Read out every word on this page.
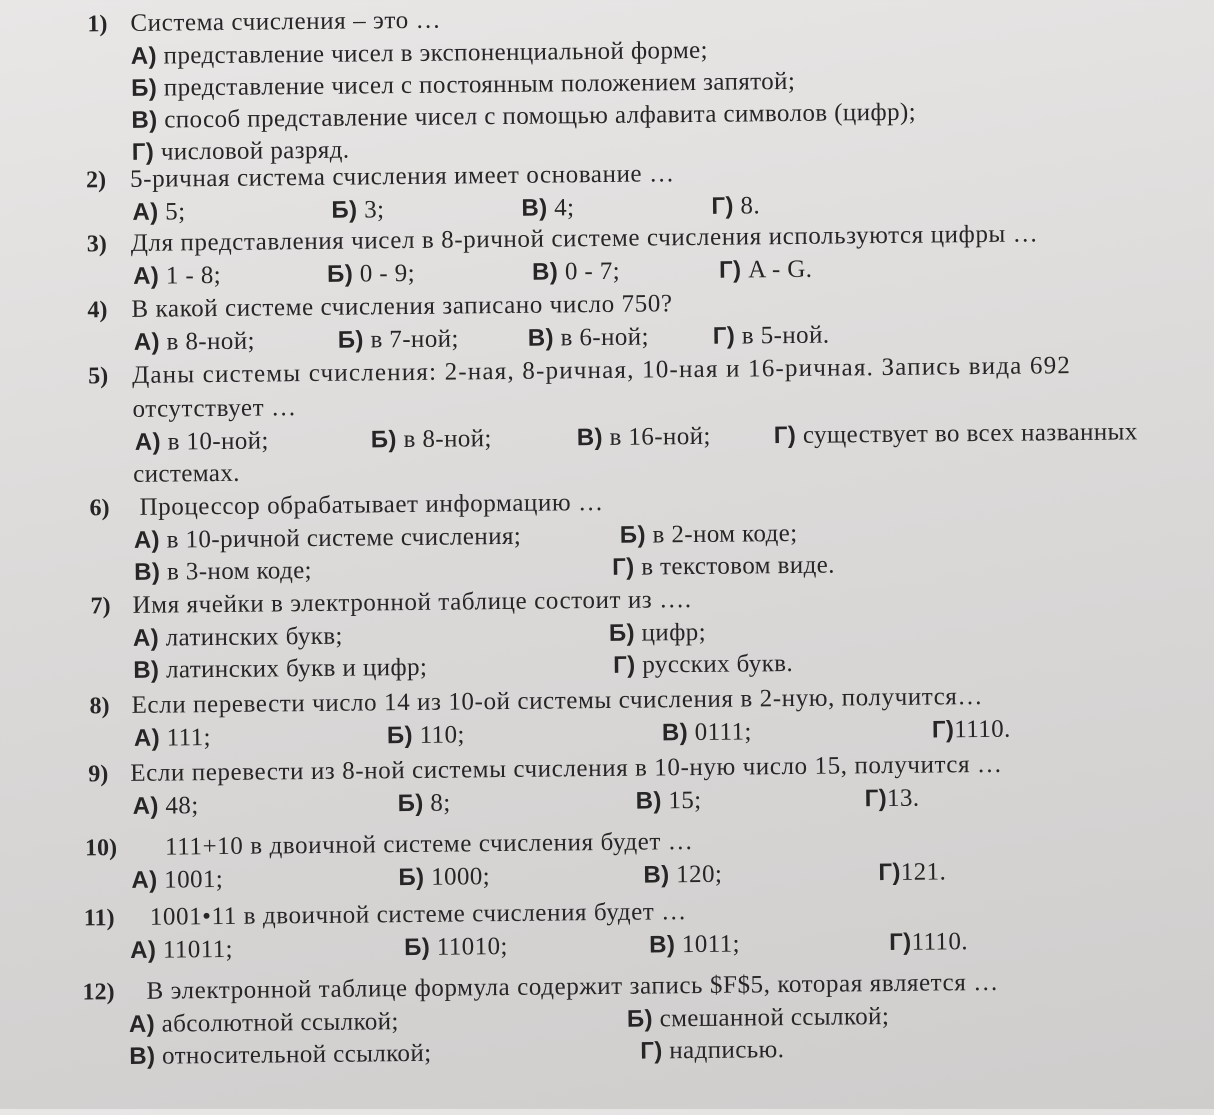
1) Система счисления – это …
А) представление чисел в экспоненциальной форме;
Б) представление чисел с постоянным положением запятой;
В) способ представление чисел с помощью алфавита символов (цифр);
Г) числовой разряд.
2) 5-ричная система счисления имеет основание …
А) 5;	Б) 3;	В) 4;	Г) 8.
3) Для представления чисел в 8-ричной системе счисления используются цифры …
А) 1 - 8;	Б) 0 - 9;	В) 0 - 7;	Г) A - G.
4) В какой системе счисления записано число 750?
А) в 8-ной;	Б) в 7-ной;	В) в 6-ной;	Г) в 5-ной.
5) Даны системы счисления: 2-ная, 8-ричная, 10-ная и 16-ричная. Запись вида 692
отсутствует …
А) в 10-ной;	Б) в 8-ной;	В) в 16-ной;	Г) существует во всех названных
системах.
6) Процессор обрабатывает информацию …
А) в 10-ричной системе счисления;	Б) в 2-ном коде;
В) в 3-ном коде;	Г) в текстовом виде.
7) Имя ячейки в электронной таблице состоит из ….
А) латинских букв;	Б) цифр;
В) латинских букв и цифр;	Г) русских букв.
8) Если перевести число 14 из 10-ой системы счисления в 2-ную, получится…
А) 111;	Б) 110;	В) 0111;	Г)1110.
9) Если перевести из 8-ной системы счисления в 10-ную число 15, получится …
А) 48;	Б) 8;	В) 15;	Г)13.
10) 111+10 в двоичной системе счисления будет …
А) 1001;	Б) 1000;	В) 120;	Г)121.
11) 1001•11 в двоичной системе счисления будет …
А) 11011;	Б) 11010;	В) 1011;	Г)1110.
12) В электронной таблице формула содержит запись $F$5, которая является …
А) абсолютной ссылкой;	Б) смешанной ссылкой;
В) относительной ссылкой;	Г) надписью.
